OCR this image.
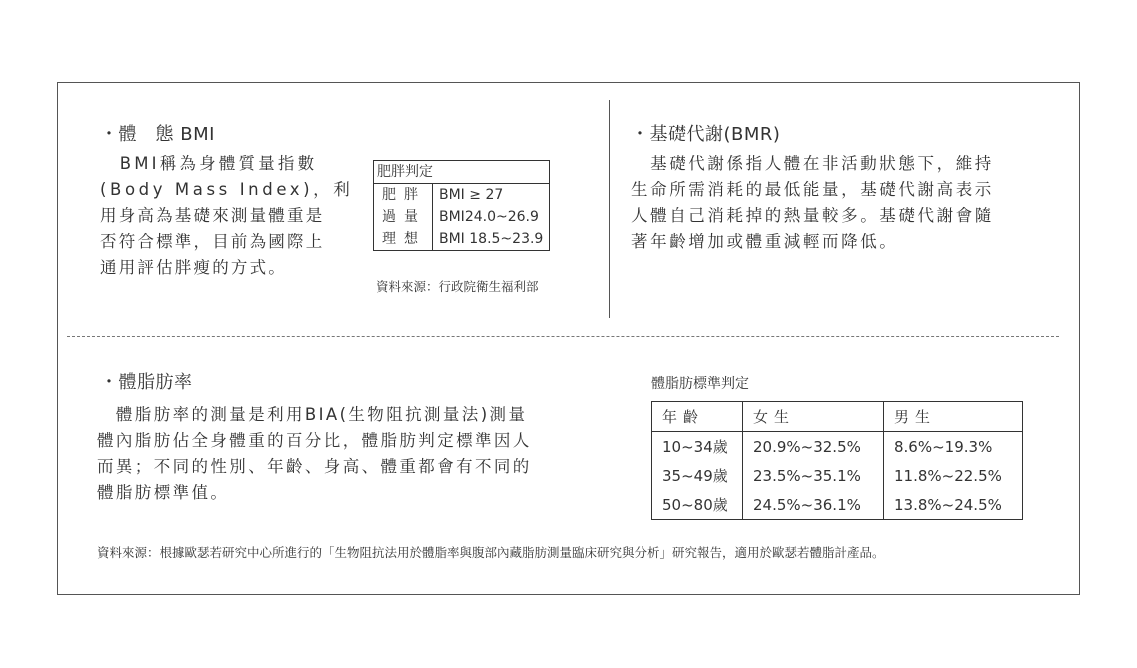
・體　態 BMI
　BMI稱為身體質量指數
(Body Mass Index)，利
用身高為基礎來測量體重是
否符合標準，目前為國際上
通用評估胖瘦的方式。
肥胖判定	
肥胖	BMI ≥ 27
過量	BMI24.0~26.9
理想	BMI 18.5~23.9
資料來源：行政院衛生福利部
・基礎代謝(BMR)
　基礎代謝係指人體在非活動狀態下，維持
生命所需消耗的最低能量，基礎代謝高表示
人體自己消耗掉的熱量較多。基礎代謝會隨
著年齡增加或體重減輕而降低。
・體脂肪率
　體脂肪率的測量是利用BIA(生物阻抗測量法)測量
體內脂肪佔全身體重的百分比，體脂肪判定標準因人
而異；不同的性別、年齡、身高、體重都會有不同的
體脂肪標準值。
體脂肪標準判定
年齡	女生	男生
10~34歲	20.9%~32.5%	8.6%~19.3%
35~49歲	23.5%~35.1%	11.8%~22.5%
50~80歲	24.5%~36.1%	13.8%~24.5%
資料來源：根據歐瑟若研究中心所進行的「生物阻抗法用於體脂率與腹部內藏脂肪測量臨床研究與分析」研究報告，適用於歐瑟若體脂計產品。
